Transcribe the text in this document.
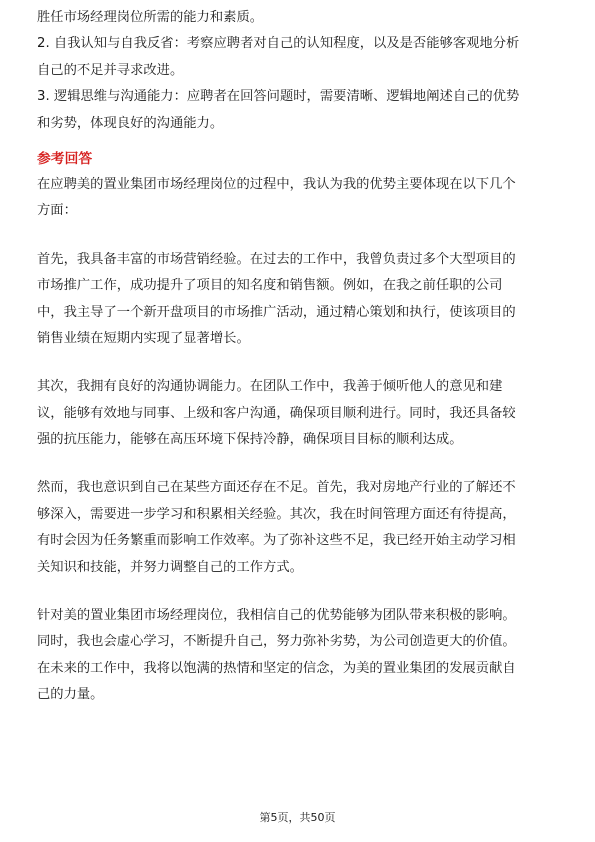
胜任市场经理岗位所需的能力和素质。
2. 自我认知与自我反省：考察应聘者对自己的认知程度，以及是否能够客观地分析
自己的不足并寻求改进。
3. 逻辑思维与沟通能力：应聘者在回答问题时，需要清晰、逻辑地阐述自己的优势
和劣势，体现良好的沟通能力。
参考回答
在应聘美的置业集团市场经理岗位的过程中，我认为我的优势主要体现在以下几个
方面：
首先，我具备丰富的市场营销经验。在过去的工作中，我曾负责过多个大型项目的
市场推广工作，成功提升了项目的知名度和销售额。例如，在我之前任职的公司
中，我主导了一个新开盘项目的市场推广活动，通过精心策划和执行，使该项目的
销售业绩在短期内实现了显著增长。
其次，我拥有良好的沟通协调能力。在团队工作中，我善于倾听他人的意见和建
议，能够有效地与同事、上级和客户沟通，确保项目顺利进行。同时，我还具备较
强的抗压能力，能够在高压环境下保持冷静，确保项目目标的顺利达成。
然而，我也意识到自己在某些方面还存在不足。首先，我对房地产行业的了解还不
够深入，需要进一步学习和积累相关经验。其次，我在时间管理方面还有待提高，
有时会因为任务繁重而影响工作效率。为了弥补这些不足，我已经开始主动学习相
关知识和技能，并努力调整自己的工作方式。
针对美的置业集团市场经理岗位，我相信自己的优势能够为团队带来积极的影响。
同时，我也会虚心学习，不断提升自己，努力弥补劣势，为公司创造更大的价值。
在未来的工作中，我将以饱满的热情和坚定的信念，为美的置业集团的发展贡献自
己的力量。
第5页，共50页
